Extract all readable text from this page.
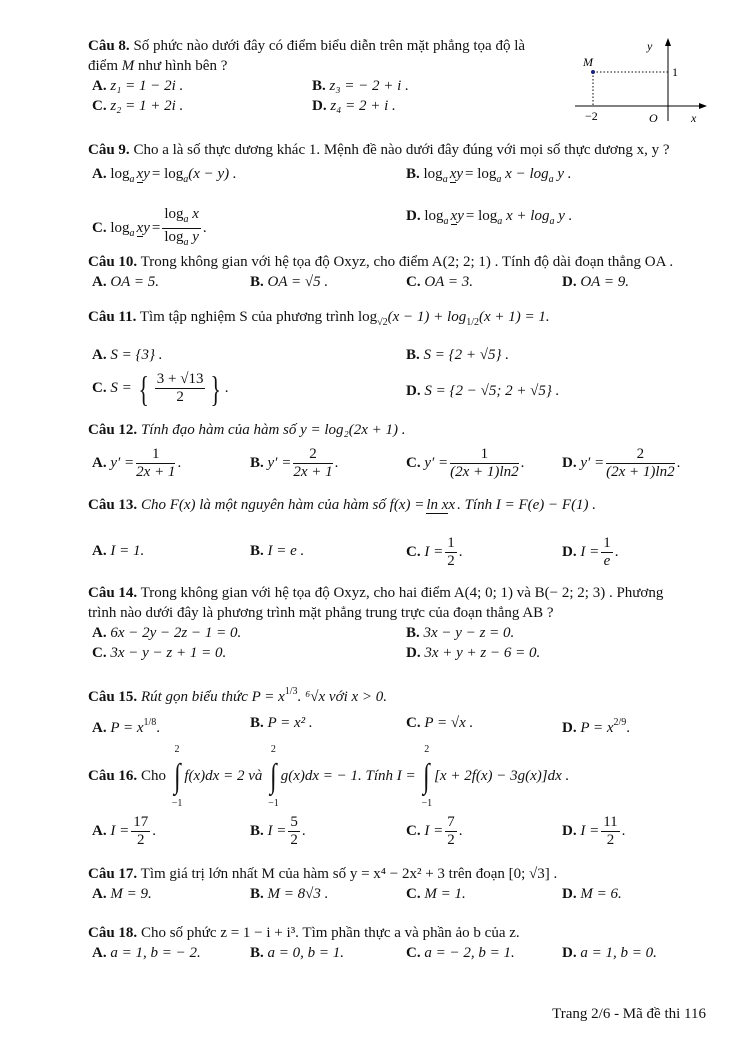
Câu 8. Số phức nào dưới đây có điểm biểu diễn trên mặt phẳng tọa độ là
điểm M như hình bên ?
A. z₁ = 1 − 2i .	B. z₃ = − 2 + i .
C. z₂ = 1 + 2i .	D. z₄ = 2 + i .
y
M
1
−2	O	x
Câu 9. Cho a là số thực dương khác 1. Mệnh đề nào dưới đây đúng với mọi số thực dương x, y ?
A. $\log_a$ xy = $\log_a(x - y)$ .	B. $\log_a$ xy = $\log_a x - \log_a y$ .
C. $\log_a$ xy = $\frac{\log_a x}{\log_a y}$ .
D. $\log_a$ xy = $\log_a x + \log_a y$ .
Câu 10. Trong không gian với hệ tọa độ Oxyz, cho điểm A(2; 2; 1) . Tính độ dài đoạn thẳng OA .
A. OA = 5.	B. OA = √5 .	C. OA = 3.	D. OA = 9.
Câu 11. Tìm tập nghiệm S của phương trình $\log_{√2}(x - 1) + \log_{1/2}(x + 1) = 1$.
A. S = {3} .	B. S = {2 + √5} .
C. S = { $\frac{3 + √13}{2}$ } .	D. S = {2 − √5; 2 + √5} .
Câu 12. Tính đạo hàm của hàm số y = log₂(2x + 1) .
A. $y' = \frac{1}{2x + 1}$ .	B. $y' = \frac{2}{2x + 1}$ .	C. $y' = \frac{1}{(2x + 1)\ln 2}$ .	D. $y' = \frac{2}{(2x + 1)\ln 2}$ .
Câu 13. Cho F(x) là một nguyên hàm của hàm số f(x) = ln xx . Tính I = F(e) − F(1) .
A. I = 1.	B. I = e .	C. $I = \frac{1}{2}$ .	D. $I = \frac{1}{e}$ .
Câu 14. Trong không gian với hệ tọa độ Oxyz, cho hai điểm A(4; 0; 1) và B(− 2; 2; 3) . Phương
trình nào dưới đây là phương trình mặt phẳng trung trực của đoạn thẳng AB ?
A. 6x − 2y − 2z − 1 = 0.	B. 3x − y − z = 0.
C. 3x − y − z + 1 = 0.	D. 3x + y + z − 6 = 0.
Câu 15. Rút gọn biểu thức $P = x^{1/3}$. ⁶√x với x > 0.
A. $P = x^{1/8}$.	B. P = x² .	C. P = √x .	D. $P = x^{2/9}$.
Câu 16. Cho
2
∫
−1
f(x)dx = 2 và
2
∫
−1
g(x)dx = − 1. Tính I =
2
∫
−1
[x + 2f(x) − 3g(x)]dx .
A. $I = \frac{17}{2}$ .	B. $I = \frac{5}{2}$ .	C. $I = \frac{7}{2}$ .	D. $I = \frac{11}{2}$ .
Câu 17. Tìm giá trị lớn nhất M của hàm số y = x⁴ − 2x² + 3 trên đoạn [0; √3] .
A. M = 9.	B. M = 8√3 .	C. M = 1.	D. M = 6.
Câu 18. Cho số phức z = 1 − i + i³. Tìm phần thực a và phần ảo b của z.
A. a = 1, b = − 2.	B. a = 0, b = 1.	C. a = − 2, b = 1.	D. a = 1, b = 0.
Trang 2/6 - Mã đề thi 116
